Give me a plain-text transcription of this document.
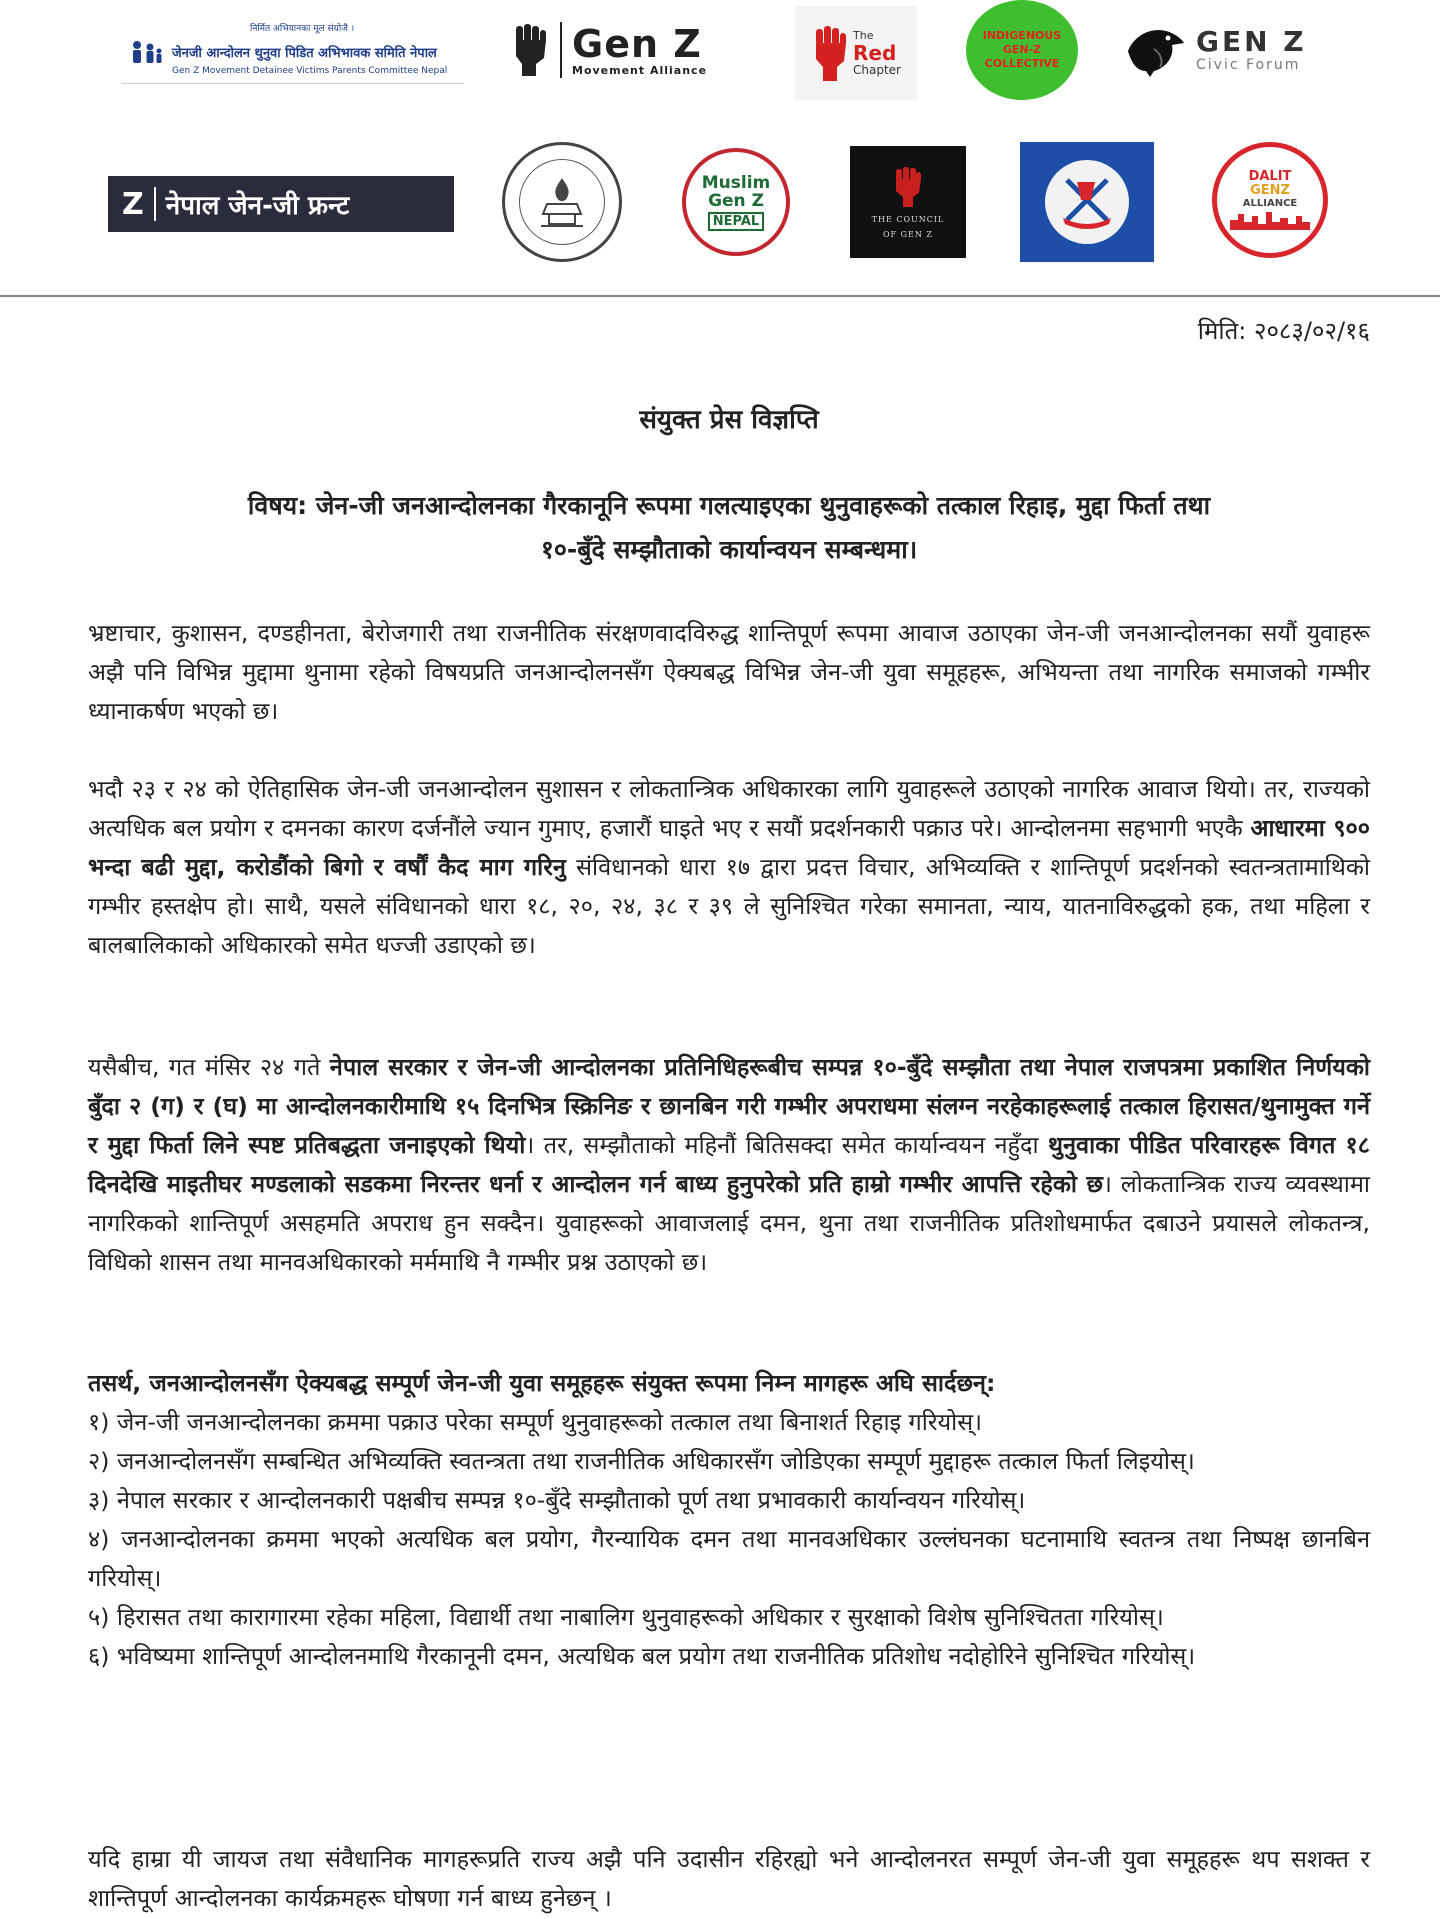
निर्मित अभियानका मूल संयोजै ।
जेनजी आन्दोलन थुनुवा पिडित अभिभावक समिति नेपाल
Gen Z Movement Detainee Victims Parents Committee Nepal
Gen Z
Movement Alliance
The
Red
Chapter
INDIGENOUS
GEN-Z
COLLECTIVE
GEN Z
Civic Forum
Z नेपाल जेन-जी फ्रन्ट
Muslim
Gen Z
NEPAL	THE COUNCIL
OF GEN Z
DALIT
GENZ
ALLIANCE
मिति: २०८३/०२/१६
संयुक्त प्रेस विज्ञप्ति
विषय: जेन-जी जनआन्दोलनका गैरकानूनि रूपमा गलत्याइएका थुनुवाहरूको तत्काल रिहाइ, मुद्दा फिर्ता तथा
१०-बुँदे सम्झौताको कार्यान्वयन सम्बन्धमा।

भ्रष्टाचार, कुशासन, दण्डहीनता, बेरोजगारी तथा राजनीतिक संरक्षणवादविरुद्ध शान्तिपूर्ण रूपमा आवाज उठाएका जेन-जी जनआन्दोलनका सयौं युवाहरू अझै पनि विभिन्न मुद्दामा थुनामा रहेको विषयप्रति जनआन्दोलनसँग ऐक्यबद्ध विभिन्न जेन-जी युवा समूहहरू, अभियन्ता तथा नागरिक समाजको गम्भीर ध्यानाकर्षण भएको छ।

भदौ २३ र २४ को ऐतिहासिक जेन-जी जनआन्दोलन सुशासन र लोकतान्त्रिक अधिकारका लागि युवाहरूले उठाएको नागरिक आवाज थियो। तर, राज्यको अत्यधिक बल प्रयोग र दमनका कारण दर्जनौंले ज्यान गुमाए, हजारौं घाइते भए र सयौं प्रदर्शनकारी पक्राउ परे। आन्दोलनमा सहभागी भएकै आधारमा ९०० भन्दा बढी मुद्दा, करोडौंको बिगो र वर्षौं कैद माग गरिनु संविधानको धारा १७ द्वारा प्रदत्त विचार, अभिव्यक्ति र शान्तिपूर्ण प्रदर्शनको स्वतन्त्रतामाथिको गम्भीर हस्तक्षेप हो। साथै, यसले संविधानको धारा १८, २०, २४, ३८ र ३९ ले सुनिश्चित गरेका समानता, न्याय, यातनाविरुद्धको हक, तथा महिला र बालबालिकाको अधिकारको समेत धज्जी उडाएको छ।

यसैबीच, गत मंसिर २४ गते नेपाल सरकार र जेन-जी आन्दोलनका प्रतिनिधिहरूबीच सम्पन्न १०-बुँदे सम्झौता तथा नेपाल राजपत्रमा प्रकाशित निर्णयको बुँदा २ (ग) र (घ) मा आन्दोलनकारीमाथि १५ दिनभित्र स्क्रिनिङ र छानबिन गरी गम्भीर अपराधमा संलग्न नरहेकाहरूलाई तत्काल हिरासत/थुनामुक्त गर्ने र मुद्दा फिर्ता लिने स्पष्ट प्रतिबद्धता जनाइएको थियो। तर, सम्झौताको महिनौं बितिसक्दा समेत कार्यान्वयन नहुँदा थुनुवाका पीडित परिवारहरू विगत १८ दिनदेखि माइतीघर मण्डलाको सडकमा निरन्तर धर्ना र आन्दोलन गर्न बाध्य हुनुपरेको प्रति हाम्रो गम्भीर आपत्ति रहेको छ। लोकतान्त्रिक राज्य व्यवस्थामा नागरिकको शान्तिपूर्ण असहमति अपराध हुन सक्दैन। युवाहरूको आवाजलाई दमन, थुना तथा राजनीतिक प्रतिशोधमार्फत दबाउने प्रयासले लोकतन्त्र, विधिको शासन तथा मानवअधिकारको मर्ममाथि नै गम्भीर प्रश्न उठाएको छ।

तसर्थ, जनआन्दोलनसँग ऐक्यबद्ध सम्पूर्ण जेन-जी युवा समूहहरू संयुक्त रूपमा निम्न मागहरू अघि सार्दछन्:
१) जेन-जी जनआन्दोलनका क्रममा पक्राउ परेका सम्पूर्ण थुनुवाहरूको तत्काल तथा बिनाशर्त रिहाइ गरियोस्।
२) जनआन्दोलनसँग सम्बन्धित अभिव्यक्ति स्वतन्त्रता तथा राजनीतिक अधिकारसँग जोडिएका सम्पूर्ण मुद्दाहरू तत्काल फिर्ता लिइयोस्।
३) नेपाल सरकार र आन्दोलनकारी पक्षबीच सम्पन्न १०-बुँदे सम्झौताको पूर्ण तथा प्रभावकारी कार्यान्वयन गरियोस्।
४) जनआन्दोलनका क्रममा भएको अत्यधिक बल प्रयोग, गैरन्यायिक दमन तथा मानवअधिकार उल्लंघनका घटनामाथि स्वतन्त्र तथा निष्पक्ष छानबिन गरियोस्।
५) हिरासत तथा कारागारमा रहेका महिला, विद्यार्थी तथा नाबालिग थुनुवाहरूको अधिकार र सुरक्षाको विशेष सुनिश्चितता गरियोस्।
६) भविष्यमा शान्तिपूर्ण आन्दोलनमाथि गैरकानूनी दमन, अत्यधिक बल प्रयोग तथा राजनीतिक प्रतिशोध नदोहोरिने सुनिश्चित गरियोस्।

यदि हाम्रा यी जायज तथा संवैधानिक मागहरूप्रति राज्य अझै पनि उदासीन रहिरह्यो भने आन्दोलनरत सम्पूर्ण जेन-जी युवा समूहहरू थप सशक्त र शान्तिपूर्ण आन्दोलनका कार्यक्रमहरू घोषणा गर्न बाध्य हुनेछन् ।
